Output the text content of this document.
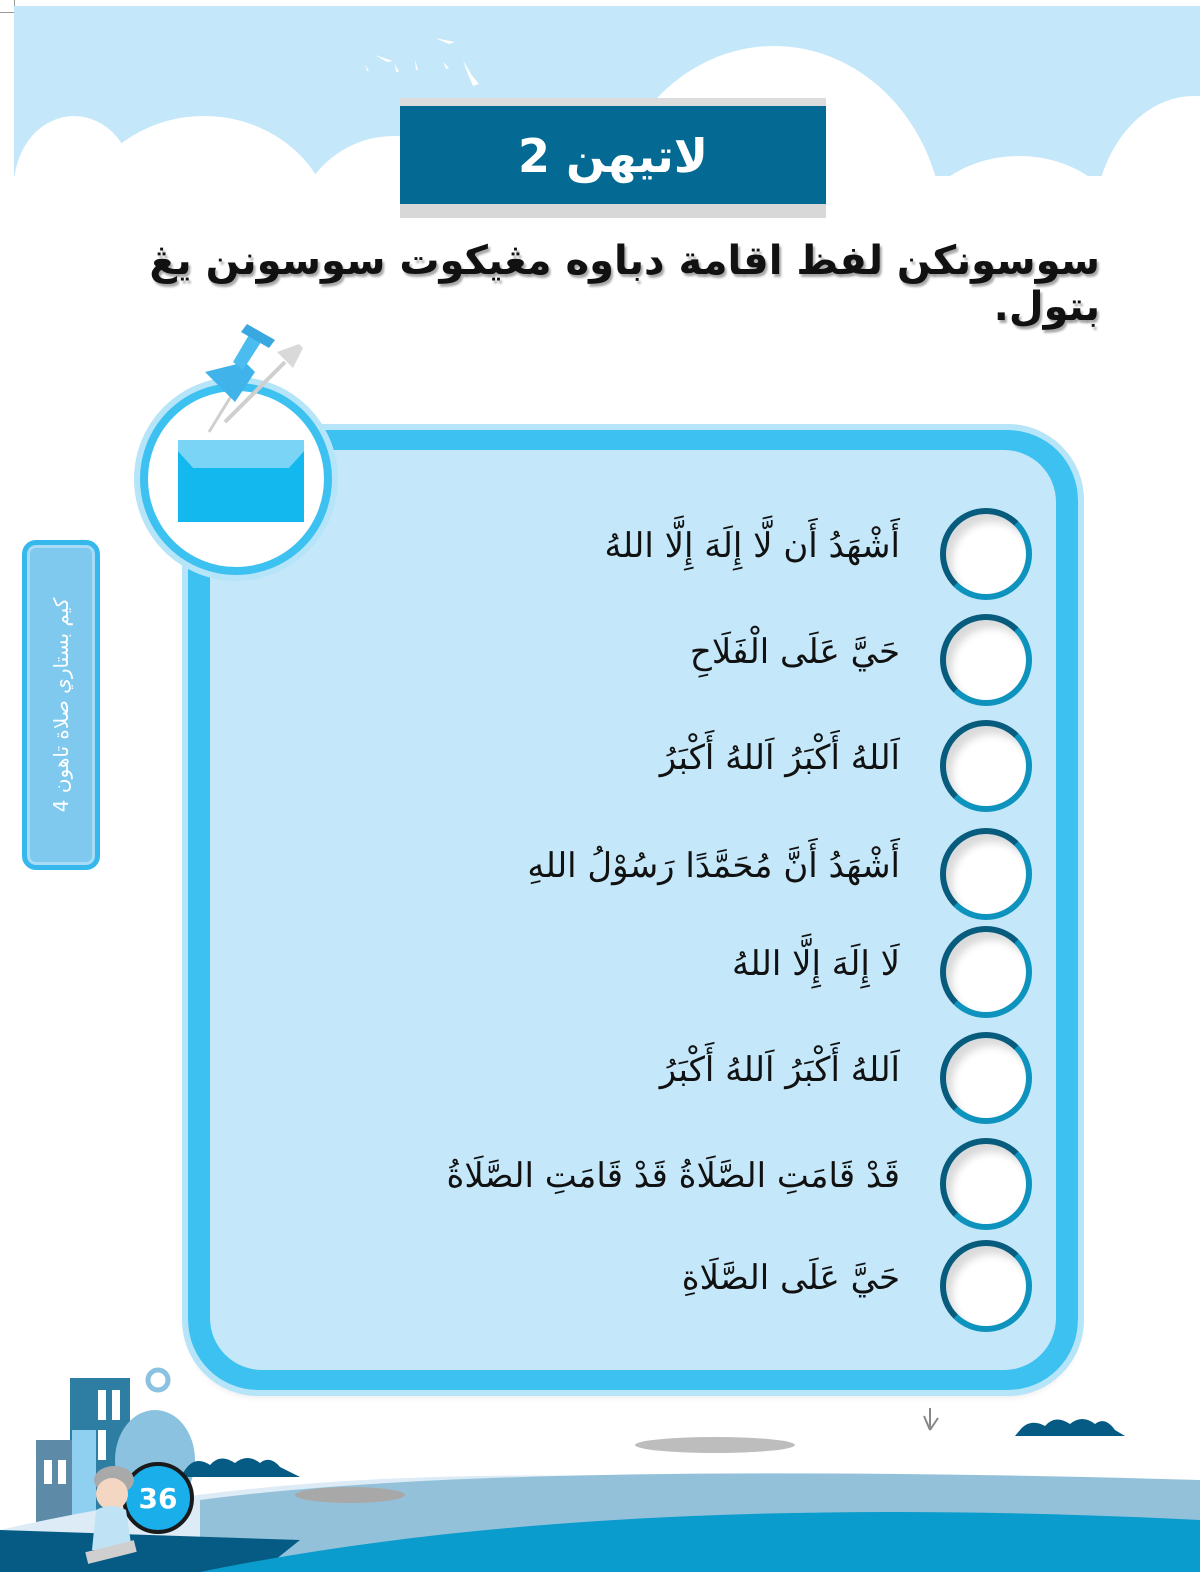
لاتيهن 2
سوسونكن لفظ اقامة دباوه مڠيكوت سوسونن يڠ بتول.
كيم بستاري صلاة تاهون 4
أَشْهَدُ أَن لَّا إِلَهَ إِلَّا اللهُ
حَيَّ عَلَى الْفَلَاحِ
اَللهُ أَكْبَرُ اَللهُ أَكْبَرُ
أَشْهَدُ أَنَّ مُحَمَّدًا رَسُوْلُ اللهِ
لَا إِلَهَ إِلَّا اللهُ
اَللهُ أَكْبَرُ اَللهُ أَكْبَرُ
قَدْ قَامَتِ الصَّلَاةُ قَدْ قَامَتِ الصَّلَاةُ
حَيَّ عَلَى الصَّلَاةِ
36
